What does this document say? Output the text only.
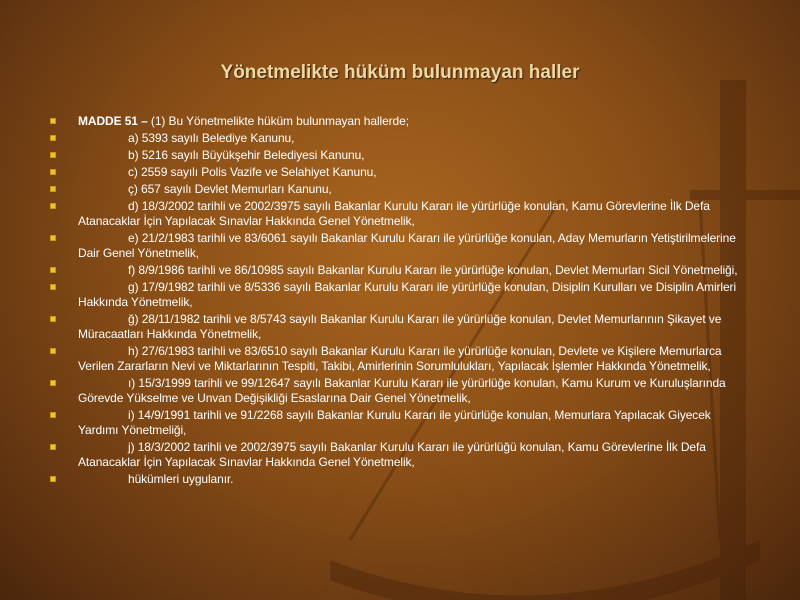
Yönetmelikte hüküm bulunmayan haller
MADDE 51 – (1) Bu Yönetmelikte hüküm bulunmayan hallerde;
a) 5393 sayılı Belediye Kanunu,
b) 5216 sayılı Büyükşehir Belediyesi Kanunu,
c) 2559 sayılı Polis Vazife ve Selahiyet Kanunu,
ç) 657 sayılı Devlet Memurları Kanunu,
d) 18/3/2002 tarihli ve 2002/3975 sayılı Bakanlar Kurulu Kararı ile yürürlüğe konulan, Kamu Görevlerine İlk Defa Atanacaklar İçin Yapılacak Sınavlar Hakkında Genel Yönetmelik,
e) 21/2/1983 tarihli ve 83/6061 sayılı Bakanlar Kurulu Kararı ile yürürlüğe konulan, Aday Memurların Yetiştirilmelerine Dair Genel Yönetmelik,
f) 8/9/1986 tarihli ve 86/10985 sayılı Bakanlar Kurulu Kararı ile yürürlüğe konulan, Devlet Memurları Sicil Yönetmeliği,
g) 17/9/1982 tarihli ve 8/5336 sayılı Bakanlar Kurulu Kararı ile yürürlüğe konulan, Disiplin Kurulları ve Disiplin Amirleri Hakkında Yönetmelik,
ğ) 28/11/1982 tarihli ve 8/5743 sayılı Bakanlar Kurulu Kararı ile yürürlüğe konulan, Devlet Memurlarının Şikayet ve Müracaatları Hakkında Yönetmelik,
h) 27/6/1983 tarihli ve 83/6510 sayılı Bakanlar Kurulu Kararı ile yürürlüğe konulan, Devlete ve Kişilere Memurlarca Verilen Zararların Nevi ve Miktarlarının Tespiti, Takibi, Amirlerinin Sorumlulukları, Yapılacak İşlemler Hakkında Yönetmelik,
ı) 15/3/1999 tarihli ve 99/12647 sayılı Bakanlar Kurulu Kararı ile yürürlüğe konulan, Kamu Kurum ve Kuruluşlarında Görevde Yükselme ve Unvan Değişikliği Esaslarına Dair Genel Yönetmelik,
i) 14/9/1991 tarihli ve 91/2268 sayılı Bakanlar Kurulu Kararı ile yürürlüğe konulan, Memurlara Yapılacak Giyecek Yardımı Yönetmeliği,
j) 18/3/2002 tarihli ve 2002/3975 sayılı Bakanlar Kurulu Kararı ile yürürlüğü konulan, Kamu Görevlerine İlk Defa Atanacaklar İçin Yapılacak Sınavlar Hakkında Genel Yönetmelik,
hükümleri uygulanır.
